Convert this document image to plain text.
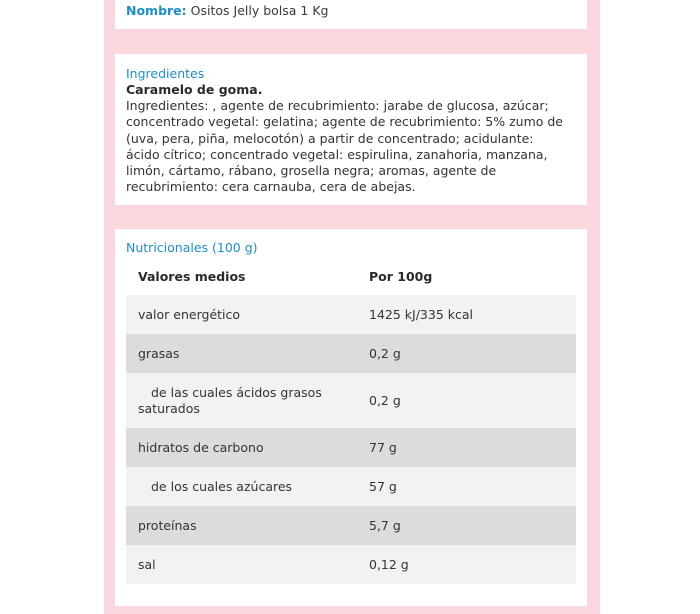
Nombre: Ositos Jelly bolsa 1 Kg
Ingredientes
Caramelo de goma.
Ingredientes: , agente de recubrimiento: jarabe de glucosa, azúcar; concentrado vegetal: gelatina; agente de recubrimiento: 5% zumo de (uva, pera, piña, melocotón) a partir de concentrado; acidulante: ácido cítrico; concentrado vegetal: espirulina, zanahoria, manzana, limón, cártamo, rábano, grosella negra; aromas, agente de recubrimiento: cera carnauba, cera de abejas.
Nutricionales (100 g)
Valores medios	Por 100g
valor energético	1425 kJ/335 kcal
grasas	0,2 g
de las cuales ácidos grasos saturados	0,2 g
hidratos de carbono	77 g
de los cuales azúcares	57 g
proteínas	5,7 g
sal	0,12 g
